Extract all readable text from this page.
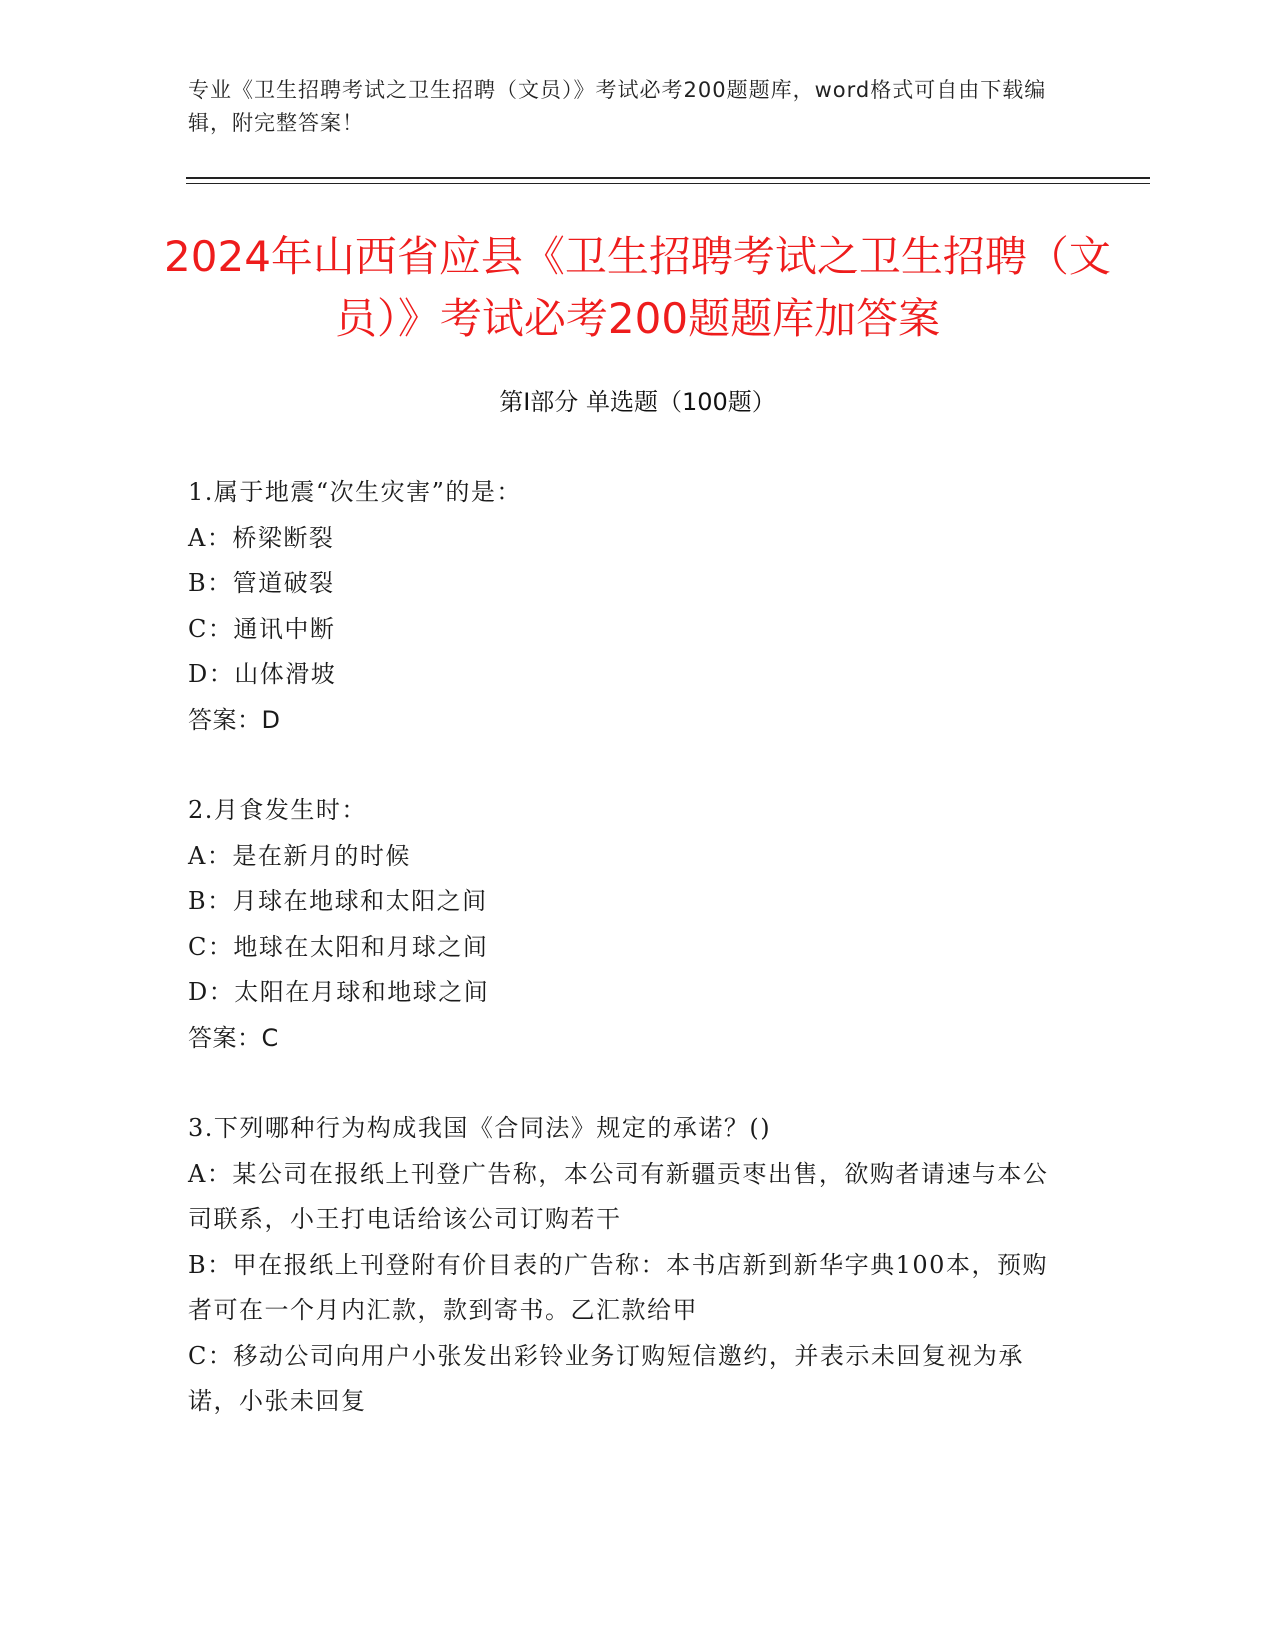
专业《卫生招聘考试之卫生招聘（文员）》考试必考200题题库，word格式可自由下载编辑，附完整答案！
2024年山西省应县《卫生招聘考试之卫生招聘（文员）》考试必考200题题库加答案
第Ⅰ部分 单选题（100题）

1.属于地震“次生灾害”的是：

A：桥梁断裂

B：管道破裂

C：通讯中断

D：山体滑坡

答案：D

2.月食发生时：

A：是在新月的时候

B：月球在地球和太阳之间

C：地球在太阳和月球之间

D：太阳在月球和地球之间

答案：C

3.下列哪种行为构成我国《合同法》规定的承诺？()

A：某公司在报纸上刊登广告称，本公司有新疆贡枣出售，欲购者请速与本公司联系，小王打电话给该公司订购若干

B：甲在报纸上刊登附有价目表的广告称：本书店新到新华字典100本，预购者可在一个月内汇款，款到寄书。乙汇款给甲

C：移动公司向用户小张发出彩铃业务订购短信邀约，并表示未回复视为承诺，小张未回复
